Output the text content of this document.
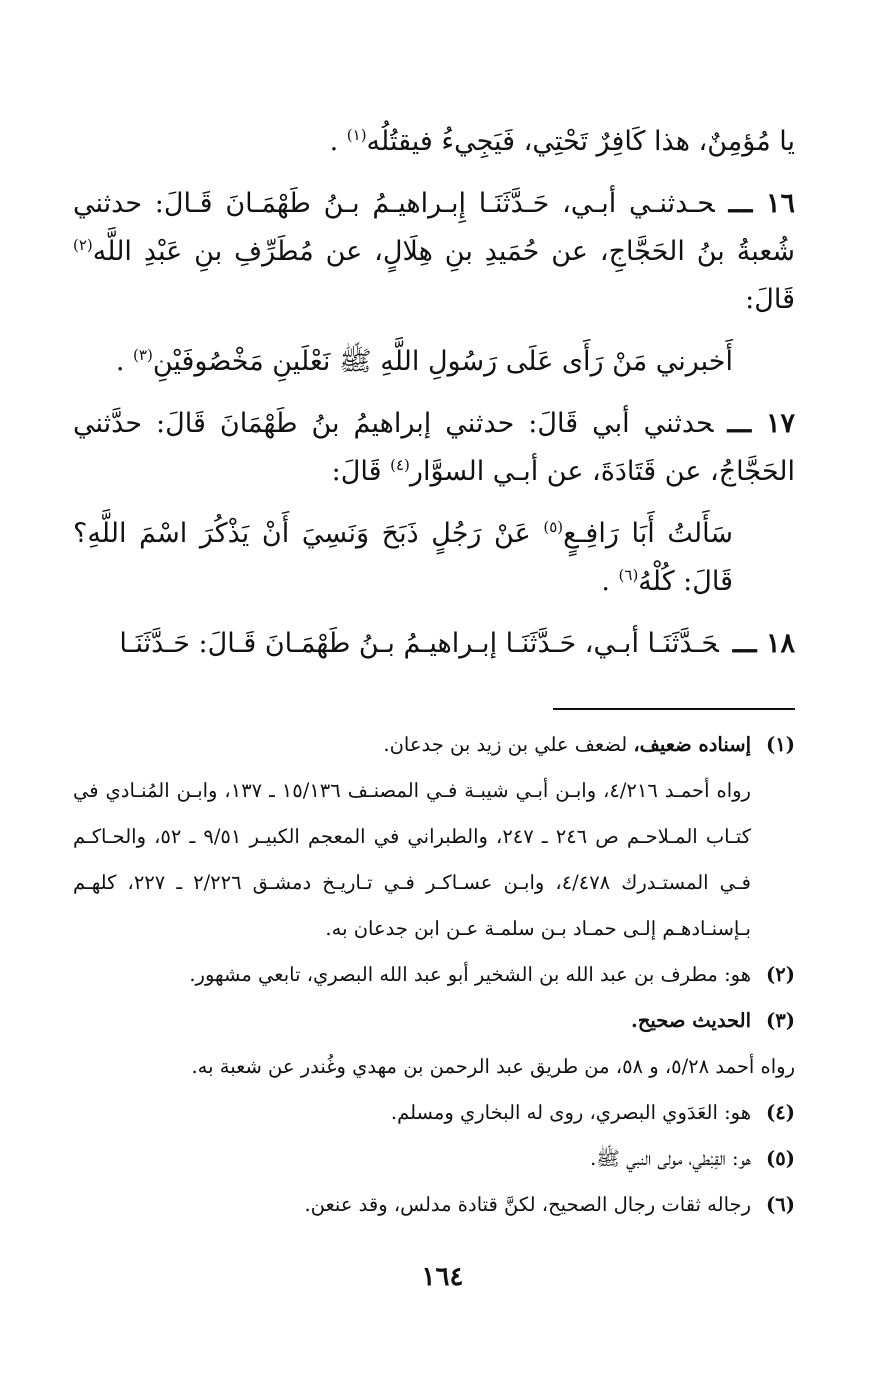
يا مُؤمِنٌ، هذا كَافِرٌ تَحْتِي، فَيَجِيءُ فيقتُلُه$^{(١)}$ .

١٦ ـــحـدثنـي أبـي، حَـدَّثَنَـا إِبـراهيـمُ بـنُ طَهْمَـانَ قَـالَ: حدثني شُعبةُ بنُ الحَجَّاجِ، عن حُمَيدِ بنِ هِلَالٍ، عن مُطَرِّفِ بنِ عَبْدِ اللَّه$^{(٢)}$ قَالَ:

أَخبرني مَنْ رَأَى عَلَى رَسُولِ اللَّهِ ﷺ نَعْلَينِ مَخْصُوفَيْنِ$^{(٣)}$ .

١٧ ـــحدثني أبي قَالَ: حدثني إبراهيمُ بنُ طَهْمَانَ قَالَ: حدَّثني الحَجَّاجُ، عن قَتَادَةَ، عن أبـي السوَّار$^{(٤)}$ قَالَ:

سَأَلتُ أَبَا رَافِـعٍ$^{(٥)}$ عَنْ رَجُلٍ ذَبَحَ وَنَسِيَ أَنْ يَذْكُرَ اسْمَ اللَّهِ؟ قَالَ: كُلْهُ$^{(٦)}$ .

١٨ ـــحَـدَّثَنَـا أبـي، حَـدَّثَنَـا إبـراهيـمُ بـنُ طَهْمَـانَ قَـالَ: حَـدَّثَنَـا

(١)إسناده ضعيف، لضعف علي بن زيد بن جدعان.

رواه أحمـد ٤/٢١٦، وابـن أبـي شيبـة فـي المصنـف ١٥/١٣٦ ـ ١٣٧، وابـن المُنـادي في كتـاب المـلاحـم ص ٢٤٦ ـ ٢٤٧، والطبراني في المعجم الكبيـر ٩/٥١ ـ ٥٢، والحـاكـم فـي المستـدرك ٤/٤٧٨، وابـن عسـاكـر فـي تـاريـخ دمشـق ٢/٢٢٦ ـ ٢٢٧، كلهـم بـإسنـادهـم إلـى حمـاد بـن سلمـة عـن ابن جدعان به.

(٢)هو: مطرف بن عبد الله بن الشخير أبو عبد الله البصري، تابعي مشهور.

(٣)الحديث صحيح.

رواه أحمد ٥/٢٨، و ٥٨، من طريق عبد الرحمن بن مهدي وغُندر عن شعبة به.

(٤)هو: العَدَوي البصري، روى له البخاري ومسلم.

(٥)هو: القِبْطي، مولى النبي ﷺ.

(٦)رجاله ثقات رجال الصحيح، لكنَّ قتادة مدلس، وقد عنعن.

١٦٤
